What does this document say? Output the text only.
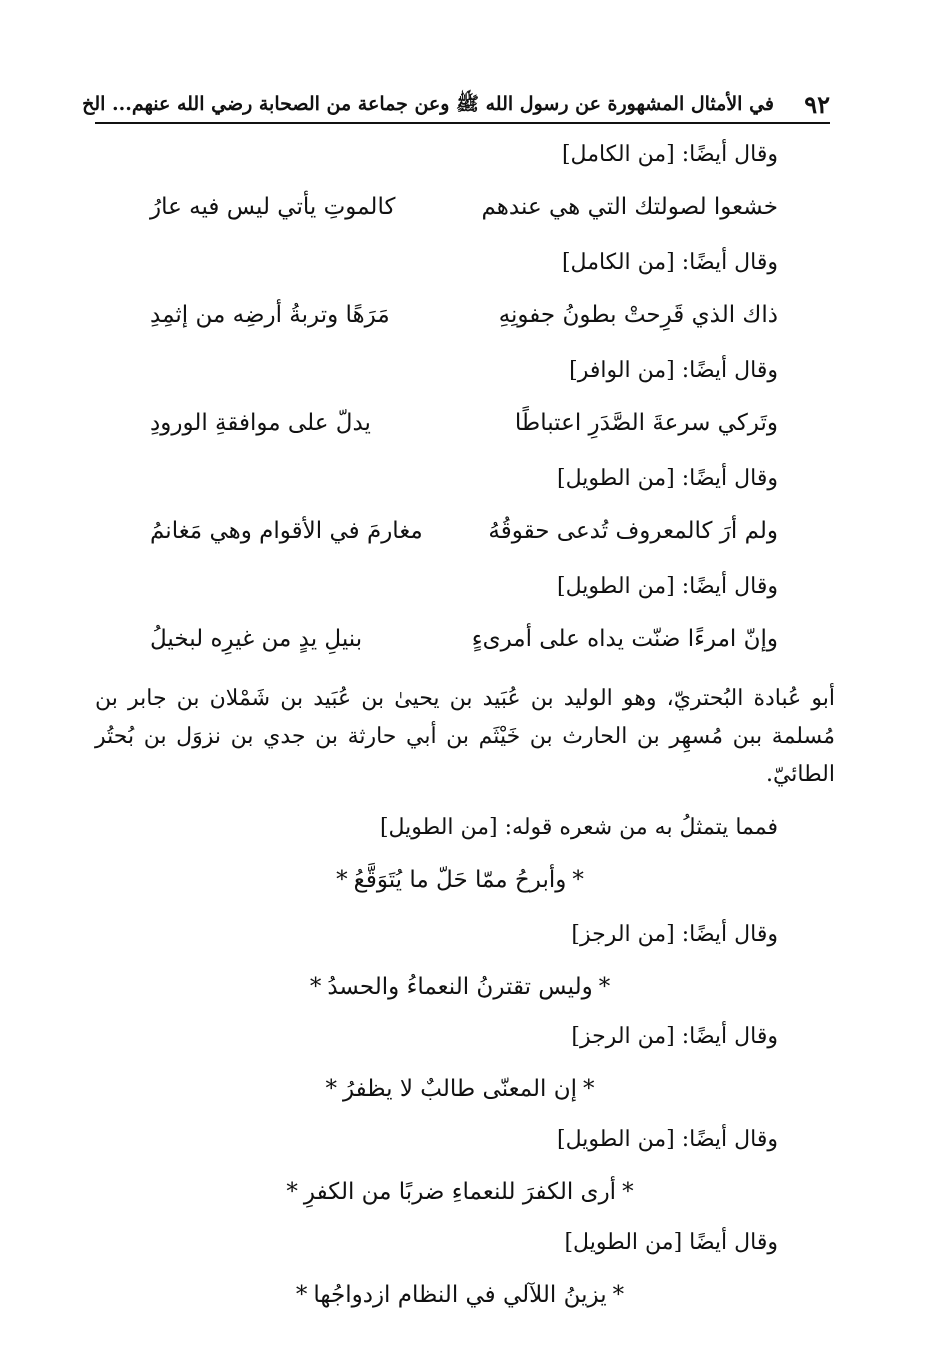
٩٢
في الأمثال المشهورة عن رسول الله ﷺ وعن جماعة من الصحابة رضي الله عنهم... الخ
وقال أيضًا: [من الكامل]
خشعوا لصولتك التي هي عندهم
كالموتِ يأتي ليس فيه عارُ
وقال أيضًا: [من الكامل]
ذاك الذي قَرِحتْ بطونُ جفونِهِ
مَرَهًا وتربةُ أرضِه من إثمِدِ
وقال أيضًا: [من الوافر]
وتَركي سرعةَ الصَّدَرِ اعتباطًا
يدلّ على موافقةِ الورودِ
وقال أيضًا: [من الطويل]
ولم أرَ كالمعروف تُدعى حقوقُهُ
مغارمَ في الأقوام وهي مَغانمُ
وقال أيضًا: [من الطويل]
وإنّ امرءًا ضنّت يداه على أمرىءٍ
بنيلِ يدٍ من غيرِه لبخيلُ
أبو عُبادة البُحتريّ، وهو الوليد بن عُبَيد بن يحيىٰ بن عُبَيد بن شَمْلان بن جابر بن مُسلمة ببن مُسهِر بن الحارث بن خَيْثَم بن أبي حارثة بن جدي بن نزوَل بن بُحتُر الطائيّ.
فمما يتمثلُ به من شعره قوله: [من الطويل]
*وأبرحُ ممّا حَلّ ما يُتَوَقَّعُ*
وقال أيضًا: [من الرجز]
*وليس تقترنُ النعماءُ والحسدُ*
وقال أيضًا: [من الرجز]
*إن المعنّى طالبٌ لا يظفرُ*
وقال أيضًا: [من الطويل]
*أرى الكفرَ للنعماءِ ضربًا من الكفرِ*
وقال أيضًا [من الطويل]
*يزينُ اللآلي في النظام ازدواجُها*
